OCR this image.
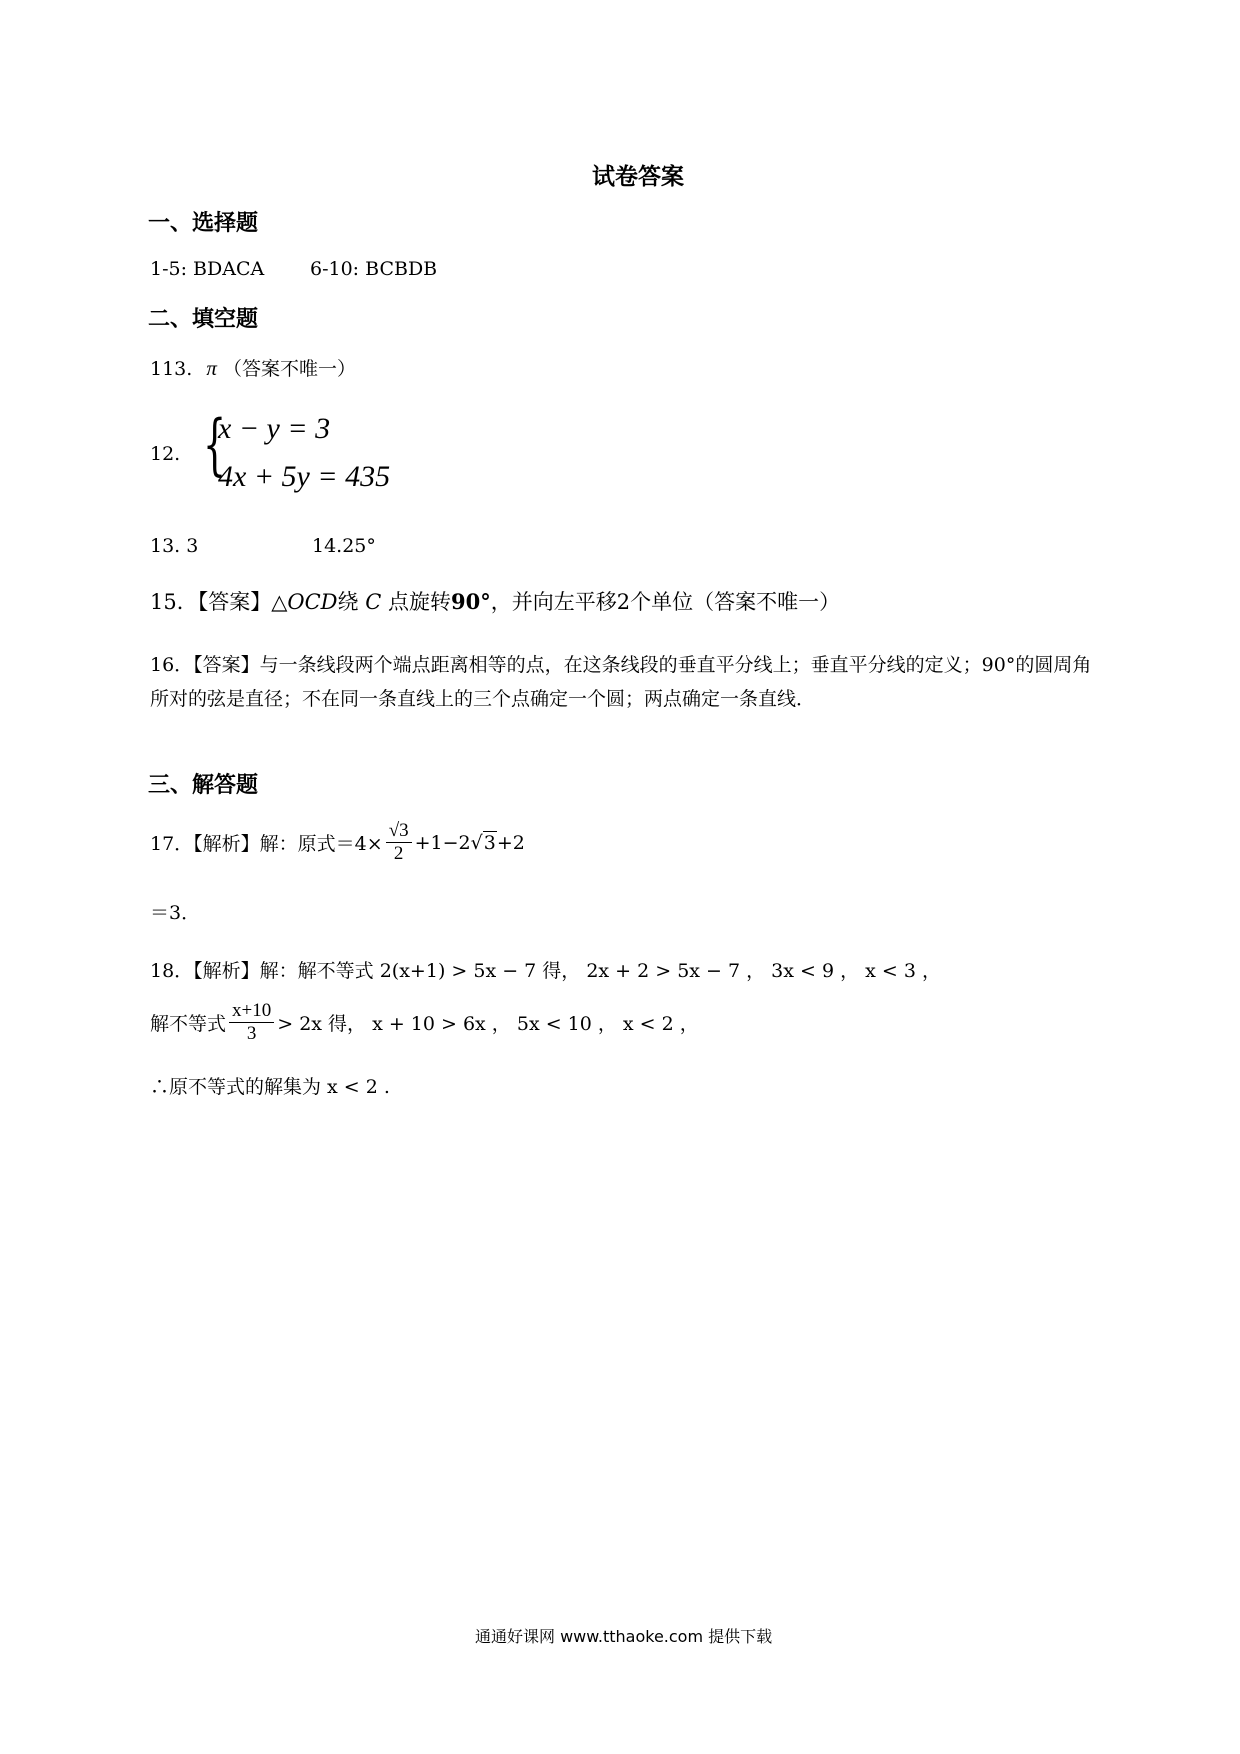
试卷答案
一、选择题
1-5: BDACA 6-10: BCBDB
二、填空题
113. π （答案不唯一）
12. {
x − y = 3
4x + 5y = 435
13. 3	14.25°
15．【答案】△OCD绕 C 点旋转90°，并向左平移2个单位（答案不唯一）
16．【答案】与一条线段两个端点距离相等的点，在这条线段的垂直平分线上；垂直平分线的定义；90°的圆周角所对的弦是直径；不在同一条直线上的三个点确定一个圆；两点确定一条直线．
三、解答题
17．【解析】解：原式$=4\times \frac{√3}{2} +1-2$ √3 +2
＝3．
18．【解析】解：解不等式 2(x+1) > 5x − 7 得， 2x + 2 > 5x − 7 ， 3x < 9 ， x < 3 ，
解不等式 $\frac{x+10}{3} > 2x$ 得， x + 10 > 6x ， 5x < 10 ， x < 2 ，
∴原不等式的解集为 x < 2 .
通通好课网 www.tthaoke.com 提供下载
